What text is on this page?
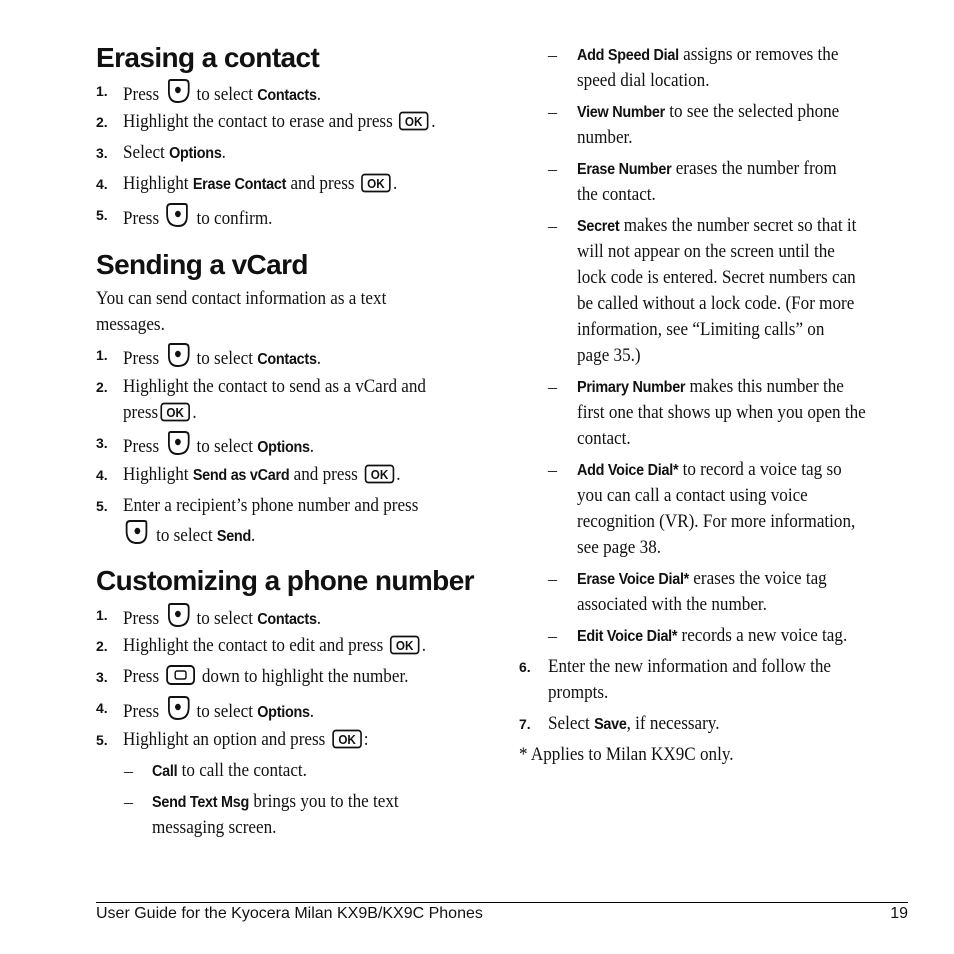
Erasing a contact
1. Press to select Contacts.
2. Highlight the contact to erase and press OK .
3. Select Options.
4. Highlight Erase Contact and press OK .
5. Press to confirm.
Sending a vCard
You can send contact information as a text
messages.
1. Press to select Contacts.
2. Highlight the contact to send as a vCard and
press OK .
3. Press to select Options.
4. Highlight Send as vCard and press OK .
5. Enter a recipient’s phone number and press
to select Send.
Customizing a phone number
1. Press to select Contacts.
2. Highlight the contact to edit and press OK .
3. Press down to highlight the number.
4. Press to select Options.
5. Highlight an option and press OK :
– Call to call the contact.
– Send Text Msg brings you to the text
messaging screen.
– Add Speed Dial assigns or removes the
speed dial location.
– View Number to see the selected phone
number.
– Erase Number erases the number from
the contact.
– Secret makes the number secret so that it
will not appear on the screen until the
lock code is entered. Secret numbers can
be called without a lock code. (For more
information, see “Limiting calls” on
page 35.)
– Primary Number makes this number the
first one that shows up when you open the
contact.
– Add Voice Dial* to record a voice tag so
you can call a contact using voice
recognition (VR). For more information,
see page 38.
– Erase Voice Dial* erases the voice tag
associated with the number.
– Edit Voice Dial* records a new voice tag.
6. Enter the new information and follow the
prompts.
7. Select Save, if necessary.
* Applies to Milan KX9C only.
User Guide for the Kyocera Milan KX9B/KX9C Phones	19
